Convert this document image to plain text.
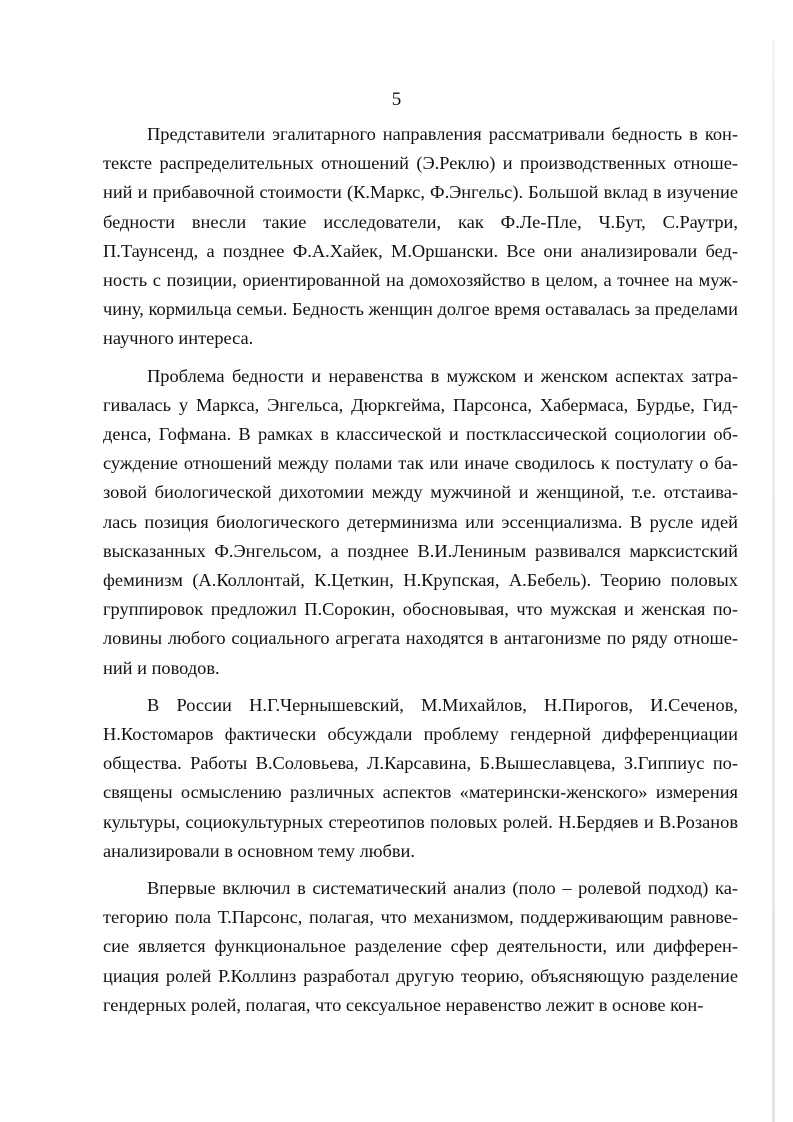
5

Представители эгалитарного направления рассматривали бедность в контексте распределительных отношений (Э.Реклю) и производственных отношений и прибавочной стоимости (К.Маркс, Ф.Энгельс). Большой вклад в изучение бедности внесли такие исследователи, как Ф.Ле-Пле, Ч.Бут, С.Раутри, П.Таунсенд, а позднее Ф.А.Хайек, М.Оршански. Все они анализировали бедность с позиции, ориентированной на домохозяйство в целом, а точнее на мужчину, кормильца семьи. Бедность женщин долгое время оставалась за пределами научного интереса.

Проблема бедности и неравенства в мужском и женском аспектах затрагивалась у Маркса, Энгельса, Дюркгейма, Парсонса, Хабермаса, Бурдье, Гидденса, Гофмана. В рамках в классической и постклассической социологии обсуждение отношений между полами так или иначе сводилось к постулату о базовой биологической дихотомии между мужчиной и женщиной, т.е. отстаивалась позиция биологического детерминизма или эссенциализма. В русле идей высказанных Ф.Энгельсом, а позднее В.И.Лениным развивался марксистский феминизм (А.Коллонтай, К.Цеткин, Н.Крупская, А.Бебель). Теорию половых группировок предложил П.Сорокин, обосновывая, что мужская и женская половины любого социального агрегата находятся в антагонизме по ряду отношений и поводов.

В России Н.Г.Чернышевский, М.Михайлов, Н.Пирогов, И.Сеченов, Н.Костомаров фактически обсуждали проблему гендерной дифференциации общества. Работы В.Соловьева, Л.Карсавина, Б.Вышеславцева, З.Гиппиус посвящены осмыслению различных аспектов «матерински-женского» измерения культуры, социокультурных стереотипов половых ролей. Н.Бердяев и В.Розанов анализировали в основном тему любви.

Впервые включил в систематический анализ (поло – ролевой подход) категорию пола Т.Парсонс, полагая, что механизмом, поддерживающим равновесие является функциональное разделение сфер деятельности, или дифференциация ролей Р.Коллинз разработал другую теорию, объясняющую разделение гендерных ролей, полагая, что сексуальное неравенство лежит в основе кон-
